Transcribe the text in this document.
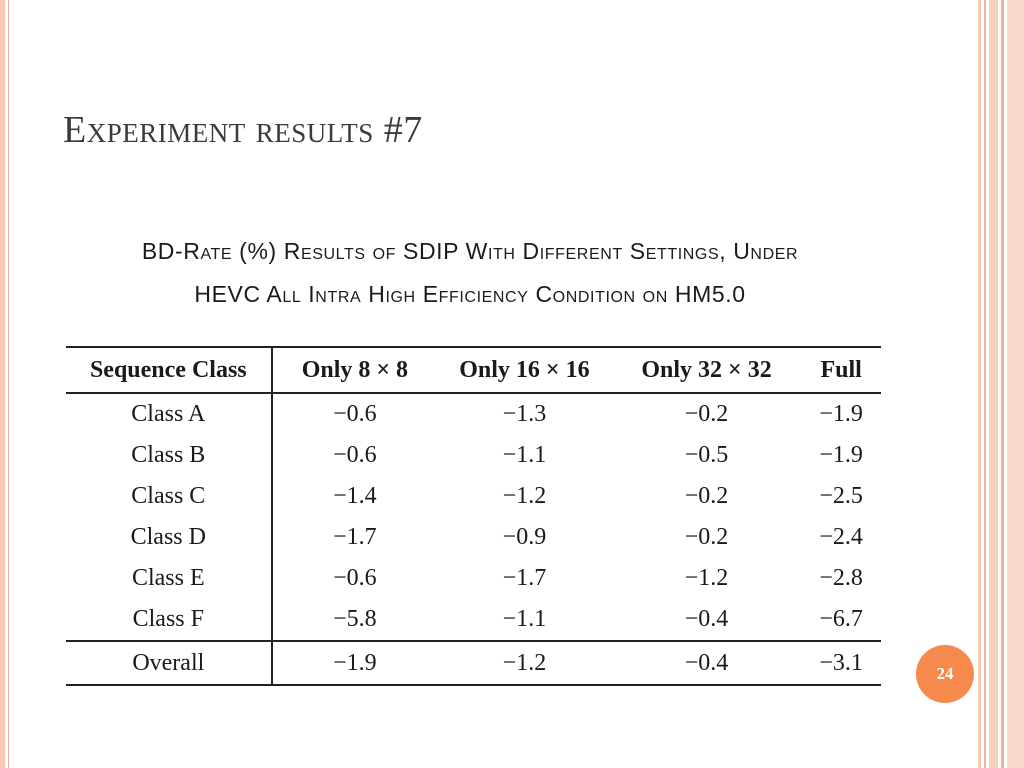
Experiment results #7
BD-Rate (%) Results of SDIP With Different Settings, Under
HEVC All Intra High Efficiency Condition on HM5.0
Sequence Class	Only 8 × 8	Only 16 × 16	Only 32 × 32	Full
Class A	−0.6	−1.3	−0.2	−1.9
Class B	−0.6	−1.1	−0.5	−1.9
Class C	−1.4	−1.2	−0.2	−2.5
Class D	−1.7	−0.9	−0.2	−2.4
Class E	−0.6	−1.7	−1.2	−2.8
Class F	−5.8	−1.1	−0.4	−6.7
Overall	−1.9	−1.2	−0.4	−3.1	24
